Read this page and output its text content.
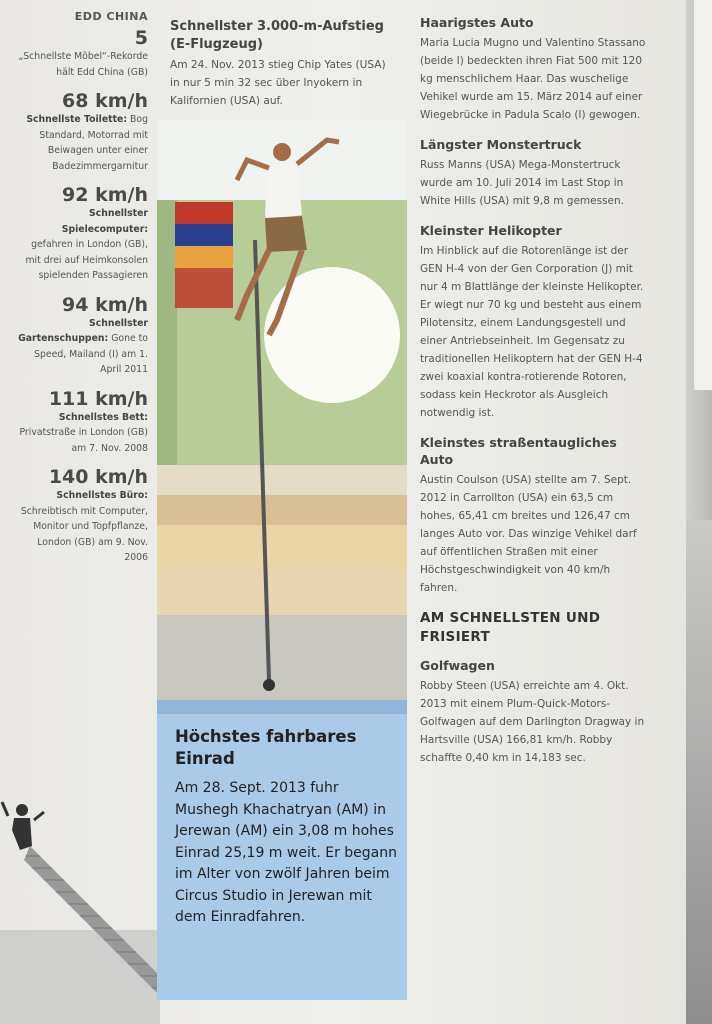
EDD CHINA
5
„Schnellste Möbel“-Rekorde hält Edd China (GB)
68 km/h
Schnellste Toilette: Bog Standard, Motorrad mit Beiwagen unter einer Badezimmergarnitur
92 km/h
Schnellster Spielecomputer: gefahren in London (GB), mit drei auf Heimkonsolen spielenden Passagieren
94 km/h
Schnellster Gartenschuppen: Gone to Speed, Mailand (I) am 1. April 2011
111 km/h
Schnellstes Bett: Privatstraße in London (GB) am 7. Nov. 2008
140 km/h
Schnellstes Büro: Schreibtisch mit Computer, Monitor und Topfpflanze, London (GB) am 9. Nov. 2006
Schnellster 3.000-m-Aufstieg (E-Flugzeug)

Am 24. Nov. 2013 stieg Chip Yates (USA) in nur 5 min 32 sec über Inyokern in Kalifornien (USA) auf.

Höchstes fahrbares Einrad

Am 28. Sept. 2013 fuhr Mushegh Khachatryan (AM) in Jerewan (AM) ein 3,08 m hohes Einrad 25,19 m weit. Er begann im Alter von zwölf Jahren beim Circus Studio in Jerewan mit dem Einradfahren.

Haarigstes Auto

Maria Lucia Mugno und Valentino Stassano (beide I) bedeckten ihren Fiat 500 mit 120 kg menschlichem Haar. Das wuschelige Vehikel wurde am 15. März 2014 auf einer Wiegebrücke in Padula Scalo (I) gewogen.

Längster Monstertruck

Russ Manns (USA) Mega-Monstertruck wurde am 10. Juli 2014 im Last Stop in White Hills (USA) mit 9,8 m gemessen.

Kleinster Helikopter

Im Hinblick auf die Rotorenlänge ist der GEN H-4 von der Gen Corporation (J) mit nur 4 m Blattlänge der kleinste Helikopter. Er wiegt nur 70 kg und besteht aus einem Pilotensitz, einem Landungsgestell und einer Antriebseinheit. Im Gegensatz zu traditionellen Helikoptern hat der GEN H-4 zwei koaxial kontra-rotierende Rotoren, sodass kein Heckrotor als Ausgleich notwendig ist.

Kleinstes straßentaugliches Auto

Austin Coulson (USA) stellte am 7. Sept. 2012 in Carrollton (USA) ein 63,5 cm hohes, 65,41 cm breites und 126,47 cm langes Auto vor. Das winzige Vehikel darf auf öffentlichen Straßen mit einer Höchstgeschwindigkeit von 40 km/h fahren.

AM SCHNELLSTEN UND FRISIERT
Golfwagen

Robby Steen (USA) erreichte am 4. Okt. 2013 mit einem Plum-Quick-Motors-Golfwagen auf dem Darlington Dragway in Hartsville (USA) 166,81 km/h. Robby schaffte 0,40 km in 14,183 sec.
